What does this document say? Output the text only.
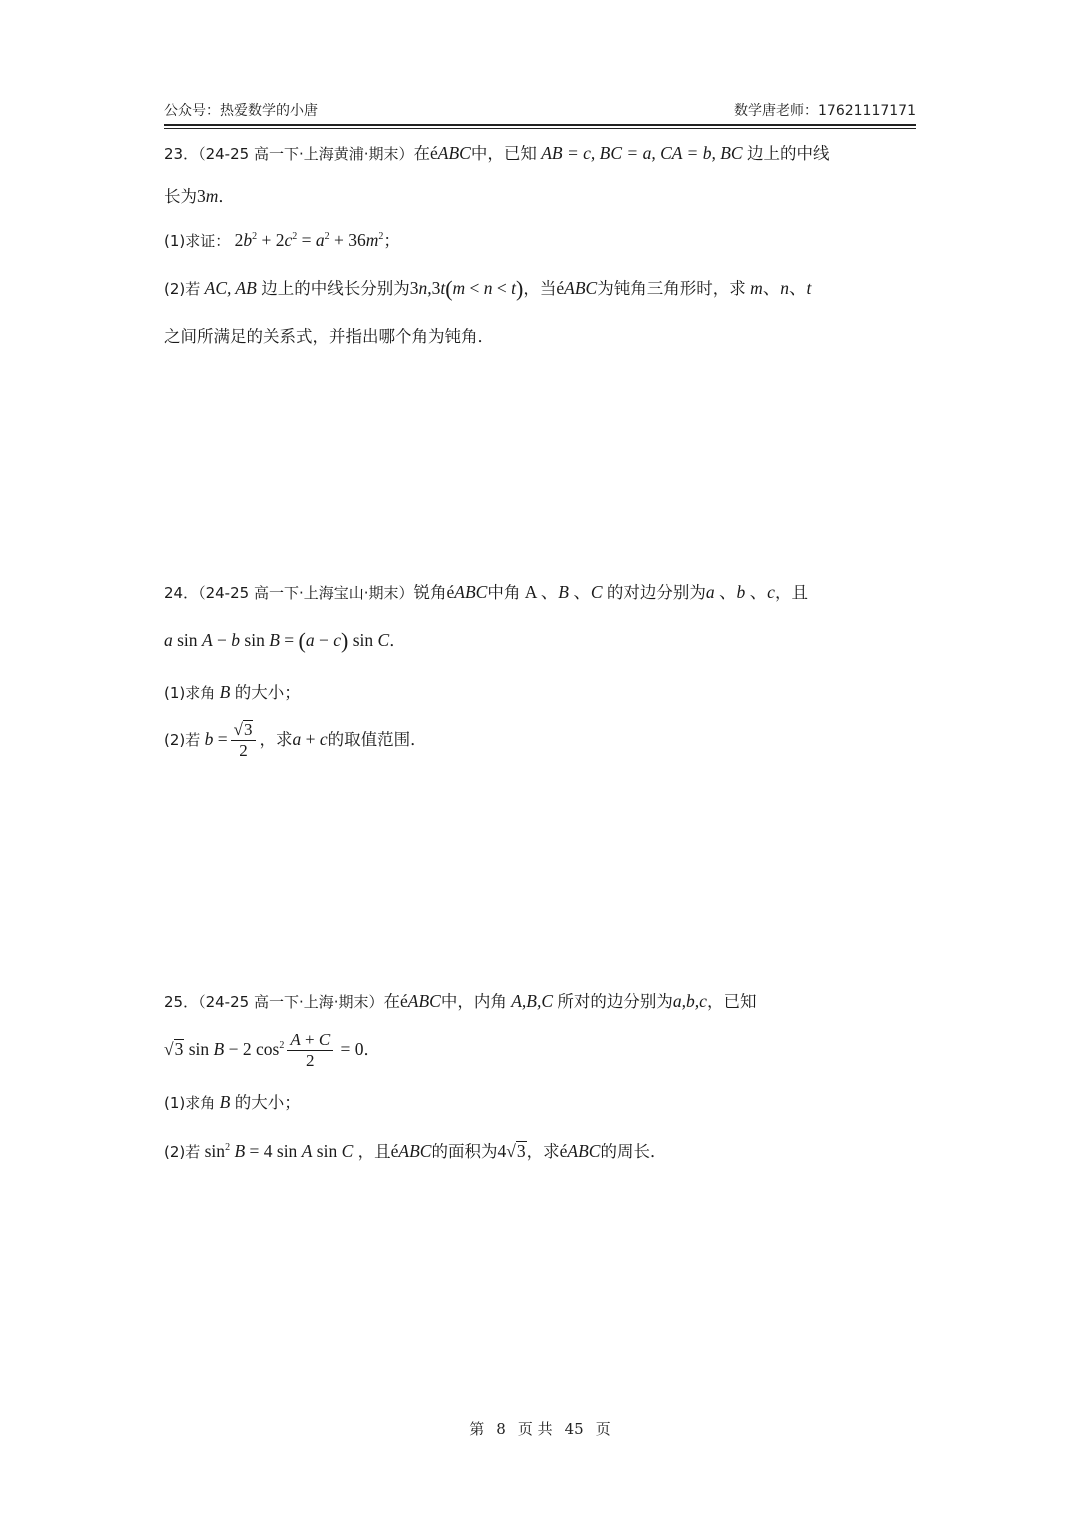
公众号：热爱数学的小唐	数学唐老师：17621117171
23．（24-25 高一下·上海黄浦·期末）在éABC中，已知 AB = c, BC = a, CA = b, BC 边上的中线
长为3m．
(1)求证： $2b^2 + 2c^2 = a^2 + 36m^2$；
(2)若 AC, AB 边上的中线长分别为3n,3t(m < n < t)，当éABC为钝角三角形时，求 m、n、t
之间所满足的关系式，并指出哪个角为钝角．
24．（24-25 高一下·上海宝山·期末）锐角éABC中角 A 、B 、C 的对边分别为a 、b 、c，且
a sin A − b sin B = (a − c) sin C．
(1)求角 B 的大小；
(2)若 $b = \frac{√3}{2}$ ，求a + c的取值范围．
25．（24-25 高一下·上海·期末）在éABC中，内角 A,B,C 所对的边分别为a,b,c，已知
√3 sin B − 2 $\cos^2 \frac{A + C}{2} = 0$．
(1)求角 B 的大小；
(2)若 $\sin^2 B = 4$ sin A sin C ，且éABC的面积为4√3，求éABC的周长．
第 8 页 共 45 页
